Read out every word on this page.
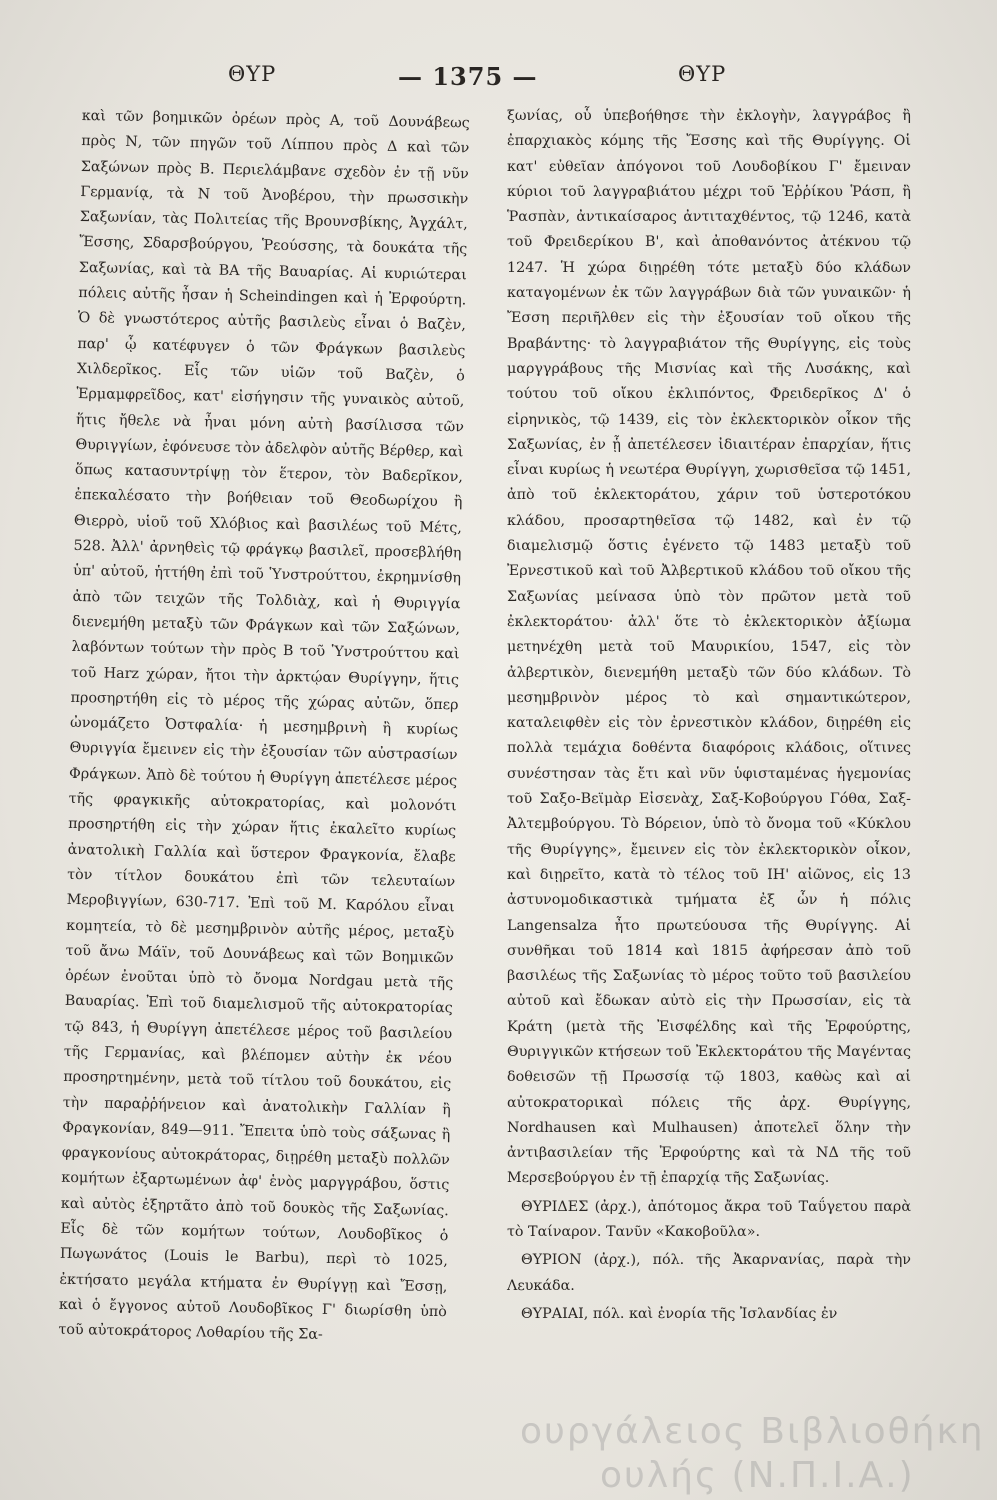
ΘΥΡ	— 1375 —	ΘΥΡ

καὶ τῶν βοημικῶν ὀρέων πρὸς Α, τοῦ Δουνάβεως πρὸς Ν, τῶν πηγῶν τοῦ Λίππου πρὸς Δ καὶ τῶν Σαξώνων πρὸς Β. Περιελάμβανε σχεδὸν ἐν τῇ νῦν Γερμανίᾳ, τὰ Ν τοῦ Ἀνοβέρου, τὴν πρωσσικὴν Σαξωνίαν, τὰς Πολιτείας τῆς Βρουνσβίκης, Ἀγχάλτ, Ἔσσης, Σδαρσβούργου, Ῥεούσσης, τὰ δουκάτα τῆς Σαξωνίας, καὶ τὰ ΒΑ τῆς Βαυαρίας. Αἱ κυριώτεραι πόλεις αὐτῆς ἦσαν ἡ Scheindingen καὶ ἡ Ἐρφούρτη. Ὁ δὲ γνωστότερος αὐτῆς βασιλεὺς εἶναι ὁ Βαζὲν, παρ' ᾧ κατέφυγεν ὁ τῶν Φράγκων βασιλεὺς Χιλδερῖκος. Εἷς τῶν υἱῶν τοῦ Βαζὲν, ὁ Ἑρμαμφρεῖδος, κατ' εἰσήγησιν τῆς γυναικὸς αὐτοῦ, ἥτις ἤθελε νὰ ἦναι μόνη αὐτὴ βασίλισσα τῶν Θυριγγίων, ἐφόνευσε τὸν ἀδελφὸν αὐτῆς Βέρθερ, καὶ ὅπως κατασυντρίψῃ τὸν ἕτερον, τὸν Βαδερῖκον, ἐπεκαλέσατο τὴν βοήθειαν τοῦ Θεοδωρίχου ἢ Θιερρὸ, υἱοῦ τοῦ Χλόβιος καὶ βασιλέως τοῦ Μέτς, 528. Ἀλλ' ἀρνηθεὶς τῷ φράγκῳ βασιλεῖ, προσεβλήθη ὑπ' αὐτοῦ, ἡττήθη ἐπὶ τοῦ Ὑνστρούττου, ἐκρημνίσθη ἀπὸ τῶν τειχῶν τῆς Τολδιὰχ, καὶ ἡ Θυριγγία διενεμήθη μεταξὺ τῶν Φράγκων καὶ τῶν Σαξώνων, λαβόντων τούτων τὴν πρὸς Β τοῦ Ὑνστρούττου καὶ τοῦ Harz χώραν, ἤτοι τὴν ἀρκτῴαν Θυρίγγην, ἥτις προσηρτήθη εἰς τὸ μέρος τῆς χώρας αὐτῶν, ὅπερ ὠνομάζετο Ὀστφαλία· ἡ μεσημβρινὴ ἢ κυρίως Θυριγγία ἔμεινεν εἰς τὴν ἐξουσίαν τῶν αὐστρασίων Φράγκων. Ἀπὸ δὲ τούτου ἡ Θυρίγγη ἀπετέλεσε μέρος τῆς φραγκικῆς αὐτοκρατορίας, καὶ μολονότι προσηρτήθη εἰς τὴν χώραν ἥτις ἐκαλεῖτο κυρίως ἀνατολικὴ Γαλλία καὶ ὕστερον Φραγκονία, ἔλαβε τὸν τίτλον δουκάτου ἐπὶ τῶν τελευταίων Μεροβιγγίων, 630-717. Ἐπὶ τοῦ Μ. Καρόλου εἶναι κομητεία, τὸ δὲ μεσημβρινὸν αὐτῆς μέρος, μεταξὺ τοῦ ἄνω Μάϊν, τοῦ Δουνάβεως καὶ τῶν Βοημικῶν ὀρέων ἐνοῦται ὑπὸ τὸ ὄνομα Nordgau μετὰ τῆς Βαυαρίας. Ἐπὶ τοῦ διαμελισμοῦ τῆς αὐτοκρατορίας τῷ 843, ἡ Θυρίγγη ἀπετέλεσε μέρος τοῦ βασιλείου τῆς Γερμανίας, καὶ βλέπομεν αὐτὴν ἐκ νέου προσηρτημένην, μετὰ τοῦ τίτλου τοῦ δουκάτου, εἰς τὴν παραῤῥήνειον καὶ ἀνατολικὴν Γαλλίαν ἢ Φραγκονίαν, 849—911. Ἔπειτα ὑπὸ τοὺς σάξωνας ἢ φραγκονίους αὐτοκράτορας, διῃρέθη μεταξὺ πολλῶν κομήτων ἐξαρτωμένων ἀφ' ἑνὸς μαργγράβου, ὅστις καὶ αὐτὸς ἐξηρτᾶτο ἀπὸ τοῦ δουκὸς τῆς Σαξωνίας. Εἷς δὲ τῶν κομήτων τούτων, Λουδοβῖκος ὁ Πωγωνάτος (Louis le Barbu), περὶ τὸ 1025, ἐκτήσατο μεγάλα κτήματα ἐν Θυρίγγῃ καὶ Ἔσσῃ, καὶ ὁ ἔγγονος αὐτοῦ Λουδοβῖκος Γ' διωρίσθη ὑπὸ τοῦ αὐτοκράτορος Λοθαρίου τῆς Σα-

ξωνίας, οὗ ὑπεβοήθησε τὴν ἐκλογὴν, λαγγράβος ἢ ἐπαρχιακὸς κόμης τῆς Ἔσσης καὶ τῆς Θυρίγγης. Οἱ κατ' εὐθεῖαν ἀπόγονοι τοῦ Λουδοβίκου Γ' ἔμειναν κύριοι τοῦ λαγγραβιάτου μέχρι τοῦ Ἑῤῥίκου Ῥάσπ, ἢ Ῥασπὰν, ἀντικαίσαρος ἀντιταχθέντος, τῷ 1246, κατὰ τοῦ Φρειδερίκου Β', καὶ ἀποθανόντος ἀτέκνου τῷ 1247. Ἡ χώρα διῃρέθη τότε μεταξὺ δύο κλάδων καταγομένων ἐκ τῶν λαγγράβων διὰ τῶν γυναικῶν· ἡ Ἔσση περιῆλθεν εἰς τὴν ἐξουσίαν τοῦ οἴκου τῆς Βραβάντης· τὸ λαγγραβιάτον τῆς Θυρίγγης, εἰς τοὺς μαργγράβους τῆς Μισνίας καὶ τῆς Λυσάκης, καὶ τούτου τοῦ οἴκου ἐκλιπόντος, Φρειδερῖκος Δ' ὁ εἰρηνικὸς, τῷ 1439, εἰς τὸν ἐκλεκτορικὸν οἶκον τῆς Σαξωνίας, ἐν ᾗ ἀπετέλεσεν ἰδιαιτέραν ἐπαρχίαν, ἥτις εἶναι κυρίως ἡ νεωτέρα Θυρίγγη, χωρισθεῖσα τῷ 1451, ἀπὸ τοῦ ἐκλεκτοράτου, χάριν τοῦ ὑστεροτόκου κλάδου, προσαρτηθεῖσα τῷ 1482, καὶ ἐν τῷ διαμελισμῷ ὅστις ἐγένετο τῷ 1483 μεταξὺ τοῦ Ἐρνεστικοῦ καὶ τοῦ Ἀλβερτικοῦ κλάδου τοῦ οἴκου τῆς Σαξωνίας μείνασα ὑπὸ τὸν πρῶτον μετὰ τοῦ ἐκλεκτοράτου· ἀλλ' ὅτε τὸ ἐκλεκτορικὸν ἀξίωμα μετηνέχθη μετὰ τοῦ Μαυρικίου, 1547, εἰς τὸν ἀλβερτικὸν, διενεμήθη μεταξὺ τῶν δύο κλάδων. Τὸ μεσημβρινὸν μέρος τὸ καὶ σημαντικώτερον, καταλειφθὲν εἰς τὸν ἐρνεστικὸν κλάδον, διῃρέθη εἰς πολλὰ τεμάχια δοθέντα διαφόροις κλάδοις, οἵτινες συνέστησαν τὰς ἔτι καὶ νῦν ὑφισταμένας ἡγεμονίας τοῦ Σαξο-Βεϊμὰρ Εἰσενὰχ, Σαξ-Κοβούργου Γόθα, Σαξ-Ἀλτεμβούργου. Τὸ Βόρειον, ὑπὸ τὸ ὄνομα τοῦ «Κύκλου τῆς Θυρίγγης», ἔμεινεν εἰς τὸν ἐκλεκτορικὸν οἶκον, καὶ διῃρεῖτο, κατὰ τὸ τέλος τοῦ ΙΗ' αἰῶνος, εἰς 13 ἀστυνομοδικαστικὰ τμήματα ἐξ ὧν ἡ πόλις Langensalza ἦτο πρωτεύουσα τῆς Θυρίγγης. Αἱ συνθῆκαι τοῦ 1814 καὶ 1815 ἀφήρεσαν ἀπὸ τοῦ βασιλέως τῆς Σαξωνίας τὸ μέρος τοῦτο τοῦ βασιλείου αὐτοῦ καὶ ἔδωκαν αὐτὸ εἰς τὴν Πρωσσίαν, εἰς τὰ Κράτη (μετὰ τῆς Ἐισφέλδης καὶ τῆς Ἐρφούρτης, Θυριγγικῶν κτήσεων τοῦ Ἐκλεκτοράτου τῆς Μαγέντας δοθεισῶν τῇ Πρωσσίᾳ τῷ 1803, καθὼς καὶ αἱ αὐτοκρατορικαὶ πόλεις τῆς ἀρχ. Θυρίγγης, Nordhausen καὶ Mulhausen) ἀποτελεῖ ὅλην τὴν ἀντιβασιλείαν τῆς Ἐρφούρτης καὶ τὰ ΝΔ τῆς τοῦ Μερσεβούργου ἐν τῇ ἐπαρχίᾳ τῆς Σαξωνίας.

ΘΥΡΙΔΕΣ (ἀρχ.), ἀπότομος ἄκρα τοῦ Ταΰγετου παρὰ τὸ Ταίναρον. Τανῦν «Κακοβοῦλα».

ΘΥΡΙΟΝ (ἀρχ.), πόλ. τῆς Ἀκαρνανίας, παρὰ τὴν Λευκάδα.

ΘΥΡΑΙΑΙ, πόλ. καὶ ἐνορία τῆς Ἰσλανδίας ἐν

ουργάλειος Βιβλιοθήκη
ουλής (Ν.Π.Ι.Α.)
